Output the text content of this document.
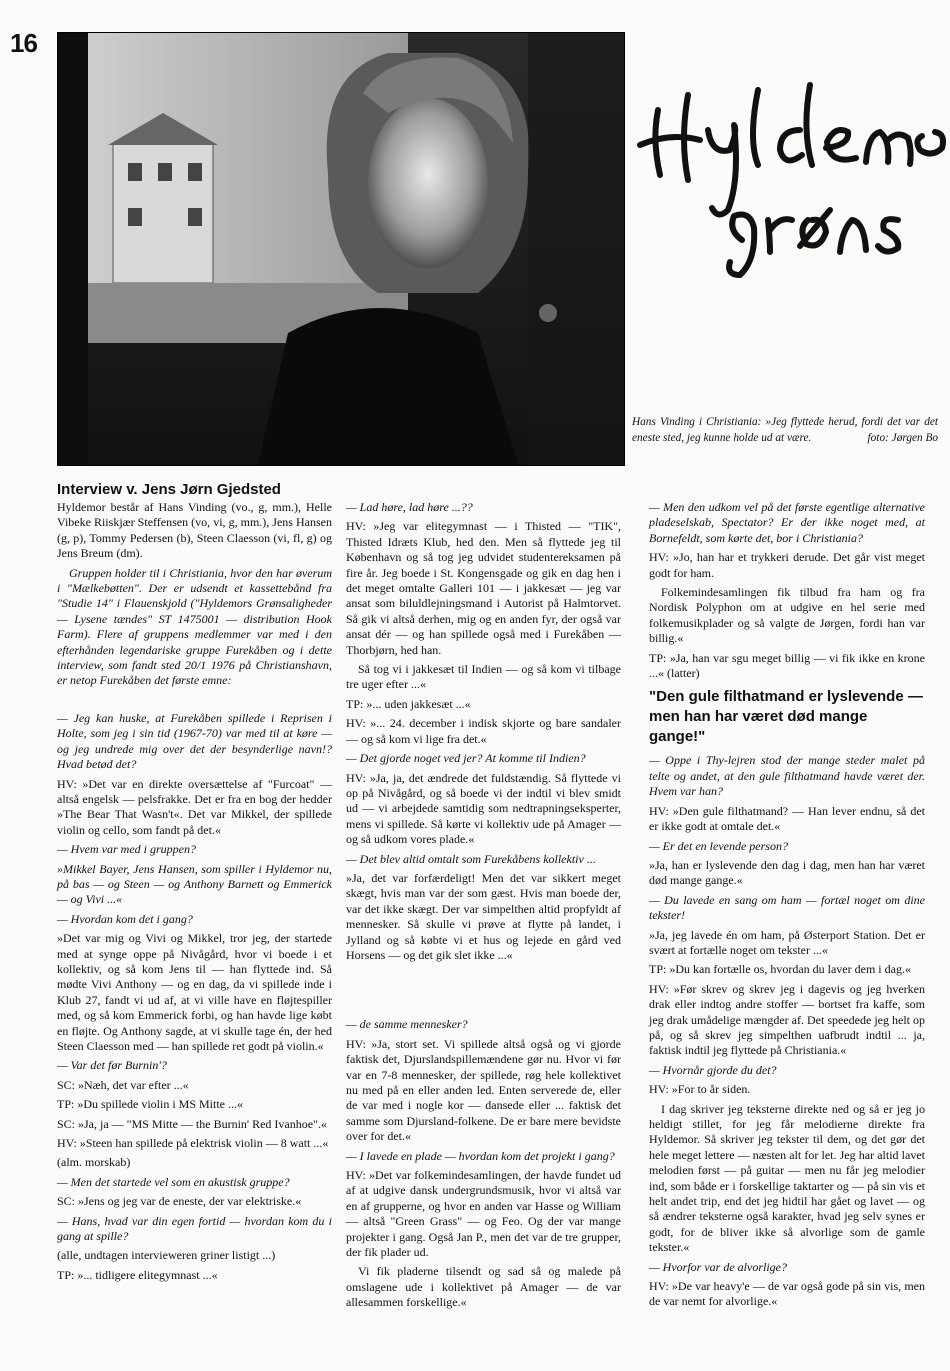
16
Hans Vinding i Christiania: »Jeg flyttede herud, fordi det var det eneste sted, jeg kunne holde ud at være.	foto: Jørgen Bo
Interview v. Jens Jørn Gjedsted

Hyldemor består af Hans Vinding (vo., g, mm.), Helle Vibeke Riiskjær Steffensen (vo, vi, g, mm.), Jens Hansen (g, p), Tommy Pedersen (b), Steen Claesson (vi, fl, g) og Jens Breum (dm).

Gruppen holder til i Christiania, hvor den har øverum i "Mælkebøtten". Der er udsendt et kassettebånd fra "Studie 14" i Flauenskjold ("Hyldemors Grønsaligheder — Lysene tændes" ST 1475001 — distribution Hook Farm). Flere af gruppens medlemmer var med i den efterhånden legendariske gruppe Furekåben og i dette interview, som fandt sted 20/1 1976 på Christianshavn, er netop Furekåben det første emne:

— Jeg kan huske, at Furekåben spillede i Reprisen i Holte, som jeg i sin tid (1967-70) var med til at køre — og jeg undrede mig over det der besynderlige navn!? Hvad betød det?

HV: »Det var en direkte oversættelse af "Furcoat" — altså engelsk — pelsfrakke. Det er fra en bog der hedder »The Bear That Wasn't«. Det var Mikkel, der spillede violin og cello, som fandt på det.«

— Hvem var med i gruppen?

»Mikkel Bayer, Jens Hansen, som spiller i Hyldemor nu, på bas — og Steen — og Anthony Barnett og Emmerick — og Vivi ...«

— Hvordan kom det i gang?

»Det var mig og Vivi og Mikkel, tror jeg, der startede med at synge oppe på Nivågård, hvor vi boede i et kollektiv, og så kom Jens til — han flyttede ind. Så mødte Vivi Anthony — og en dag, da vi spillede inde i Klub 27, fandt vi ud af, at vi ville have en fløjtespiller med, og så kom Emmerick forbi, og han havde lige købt en fløjte. Og Anthony sagde, at vi skulle tage én, der hed Steen Claesson med — han spillede ret godt på violin.«

— Var det før Burnin'?

SC: »Næh, det var efter ...«

TP: »Du spillede violin i MS Mitte ...«

SC: »Ja, ja — "MS Mitte — the Burnin' Red Ivanhoe".«

HV: »Steen han spillede på elektrisk violin — 8 watt ...«

(alm. morskab)

— Men det startede vel som en akustisk gruppe?

SC: »Jens og jeg var de eneste, der var elektriske.«

— Hans, hvad var din egen fortid — hvordan kom du i gang at spille?

(alle, undtagen intervieweren griner listigt ...)

TP: »... tidligere elitegymnast ...«

— Lad høre, lad høre ...??

HV: »Jeg var elitegymnast — i Thisted — "TIK", Thisted Idræts Klub, hed den. Men så flyttede jeg til København og så tog jeg udvidet studentereksamen på fire år. Jeg boede i St. Kongensgade og gik en dag hen i det meget omtalte Galleri 101 — i jakkesæt — jeg var ansat som biluldlejningsmand i Autorist på Halmtorvet. Så gik vi altså derhen, mig og en anden fyr, der også var ansat dér — og han spillede også med i Furekåben — Thorbjørn, hed han.

Så tog vi i jakkesæt til Indien — og så kom vi tilbage tre uger efter ...«

TP: »... uden jakkesæt ...«

HV: »... 24. december i indisk skjorte og bare sandaler — og så kom vi lige fra det.«

— Det gjorde noget ved jer? At komme til Indien?

HV: »Ja, ja, det ændrede det fuldstændig. Så flyttede vi op på Nivågård, og så boede vi der indtil vi blev smidt ud — vi arbejdede samtidig som nedtrapningseksperter, mens vi spillede. Så kørte vi kollektiv ude på Amager — og så udkom vores plade.«

— Det blev altid omtalt som Furekåbens kollektiv ...

»Ja, det var forfærdeligt! Men det var sikkert meget skægt, hvis man var der som gæst. Hvis man boede der, var det ikke skægt. Der var simpelthen altid propfyldt af mennesker. Så skulle vi prøve at flytte på landet, i Jylland og så købte vi et hus og lejede en gård ved Horsens — og det gik slet ikke ...«

— de samme mennesker?

HV: »Ja, stort set. Vi spillede altså også og vi gjorde faktisk det, Djurslandspillemændene gør nu. Hvor vi før var en 7-8 mennesker, der spillede, røg hele kollektivet nu med på en eller anden led. Enten serverede de, eller de var med i nogle kor — dansede eller ... faktisk det samme som Djursland-folkene. De er bare mere bevidste over for det.«

— I lavede en plade — hvordan kom det projekt i gang?

HV: »Det var folkemindesamlingen, der havde fundet ud af at udgive dansk undergrundsmusik, hvor vi altså var en af grupperne, og hvor en anden var Hasse og William — altså "Green Grass" — og Feo. Og der var mange projekter i gang. Også Jan P., men det var de tre grupper, der fik plader ud.

Vi fik pladerne tilsendt og sad så og malede på omslagene ude i kollektivet på Amager — de var allesammen forskellige.«

— Men den udkom vel på det første egentlige alternative pladeselskab, Spectator? Er der ikke noget med, at Bornefeldt, som kørte det, bor i Christiania?

HV: »Jo, han har et trykkeri derude. Det går vist meget godt for ham.

Folkemindesamlingen fik tilbud fra ham og fra Nordisk Polyphon om at udgive en hel serie med folkemusikplader og så valgte de Jørgen, fordi han var billig.«

TP: »Ja, han var sgu meget billig — vi fik ikke en krone ...« (latter)

"Den gule filthatmand er lyslevende — men han har været død mange gange!"

— Oppe i Thy-lejren stod der mange steder malet på telte og andet, at den gule filthatmand havde været der. Hvem var han?

HV: »Den gule filthatmand? — Han lever endnu, så det er ikke godt at omtale det.«

— Er det en levende person?

»Ja, han er lyslevende den dag i dag, men han har været død mange gange.«

— Du lavede en sang om ham — fortæl noget om dine tekster!

»Ja, jeg lavede én om ham, på Østerport Station. Det er svært at fortælle noget om tekster ...«

TP: »Du kan fortælle os, hvordan du laver dem i dag.«

HV: »Før skrev og skrev jeg i dagevis og jeg hverken drak eller indtog andre stoffer — bortset fra kaffe, som jeg drak umådelige mængder af. Det speedede jeg helt op på, og så skrev jeg simpelthen uafbrudt indtil ... ja, faktisk indtil jeg flyttede på Christiania.«

— Hvornår gjorde du det?

HV: »For to år siden.

I dag skriver jeg teksterne direkte ned og så er jeg jo heldigt stillet, for jeg får melodierne direkte fra Hyldemor. Så skriver jeg tekster til dem, og det gør det hele meget lettere — næsten alt for let. Jeg har altid lavet melodien først — på guitar — men nu får jeg melodier ind, som både er i forskellige taktarter og — på sin vis et helt andet trip, end det jeg hidtil har gået og lavet — og så ændrer teksterne også karakter, hvad jeg selv synes er godt, for de bliver ikke så alvorlige som de gamle tekster.«

— Hvorfor var de alvorlige?

HV: »De var heavy'e — de var også gode på sin vis, men de var nemt for alvorlige.«
